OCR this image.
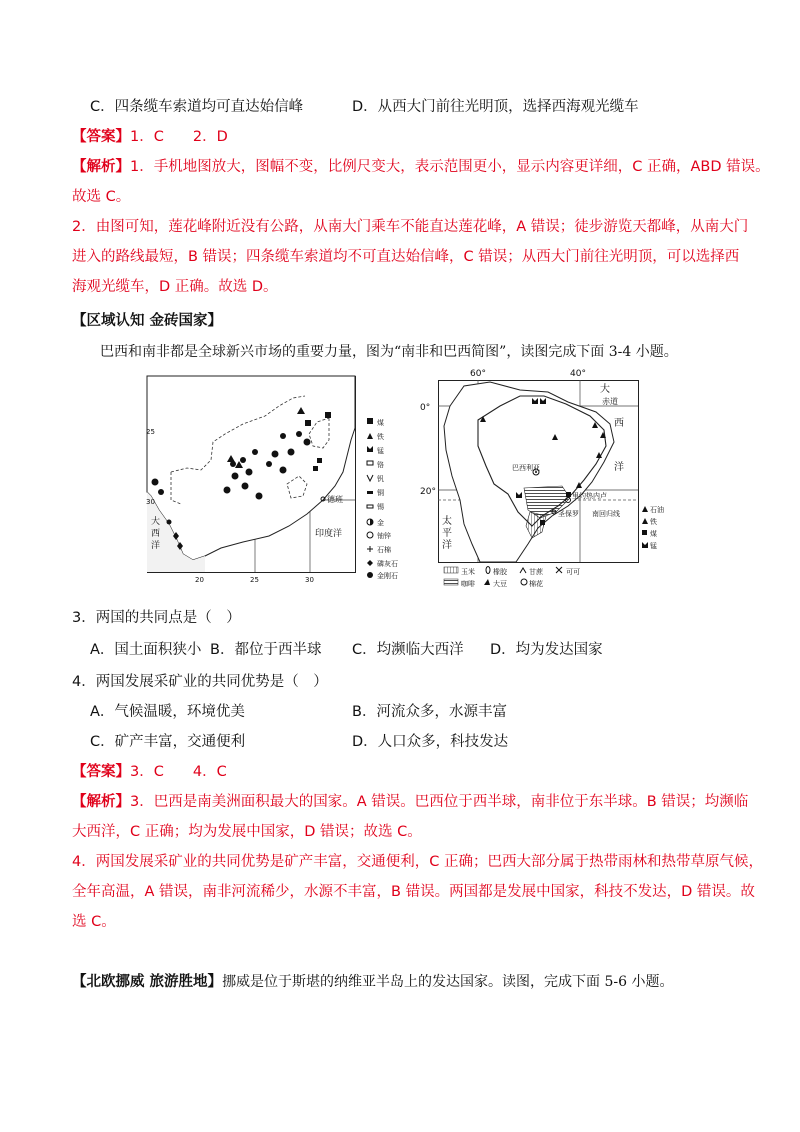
C．四条缆车索道均可直达始信峰	D．从西大门前往光明顶，选择西海观光缆车
【答案】1．C　　2．D
【解析】1．手机地图放大，图幅不变，比例尺变大，表示范围更小，显示内容更详细，C 正确，ABD 错误。
故选 C。
2．由图可知，莲花峰附近没有公路，从南大门乘车不能直达莲花峰，A 错误；徒步游览天都峰，从南大门
进入的路线最短，B 错误；四条缆车索道均不可直达始信峰，C 错误；从西大门前往光明顶，可以选择西
海观光缆车，D 正确。故选 D。
【区域认知 金砖国家】
巴西和南非都是全球新兴市场的重要力量，图为“南非和巴西简图”，读图完成下面 3-4 小题。
25
30
20	25	30
大
西
洋
印度洋
德班
煤
铁
锰
铬
钒
铜
锡
金
铀锌
石棉
磷灰石
金刚石
60°	40°
0°
20°
大
赤道
西
洋
太
平
洋
巴西利亚
里约热内卢
圣保罗 南回归线	石油
铁
煤
锰
玉米	橡胶	甘蔗	可可
咖啡	大豆	棉花
3．两国的共同点是（　）
A．国土面积狭小 B．都位于西半球 C．均濒临大西洋 D．均为发达国家
4．两国发展采矿业的共同优势是（　）
A．气候温暖，环境优美	B．河流众多，水源丰富
C．矿产丰富，交通便利	D．人口众多，科技发达
【答案】3．C　　4．C
【解析】3．巴西是南美洲面积最大的国家。A 错误。巴西位于西半球，南非位于东半球。B 错误；均濒临
大西洋，C 正确；均为发展中国家，D 错误；故选 C。
4．两国发展采矿业的共同优势是矿产丰富，交通便利，C 正确；巴西大部分属于热带雨林和热带草原气候，
全年高温，A 错误，南非河流稀少，水源不丰富，B 错误。两国都是发展中国家，科技不发达，D 错误。故
选 C。
【北欧挪威 旅游胜地】挪威是位于斯堪的纳维亚半岛上的发达国家。读图，完成下面 5-6 小题。
